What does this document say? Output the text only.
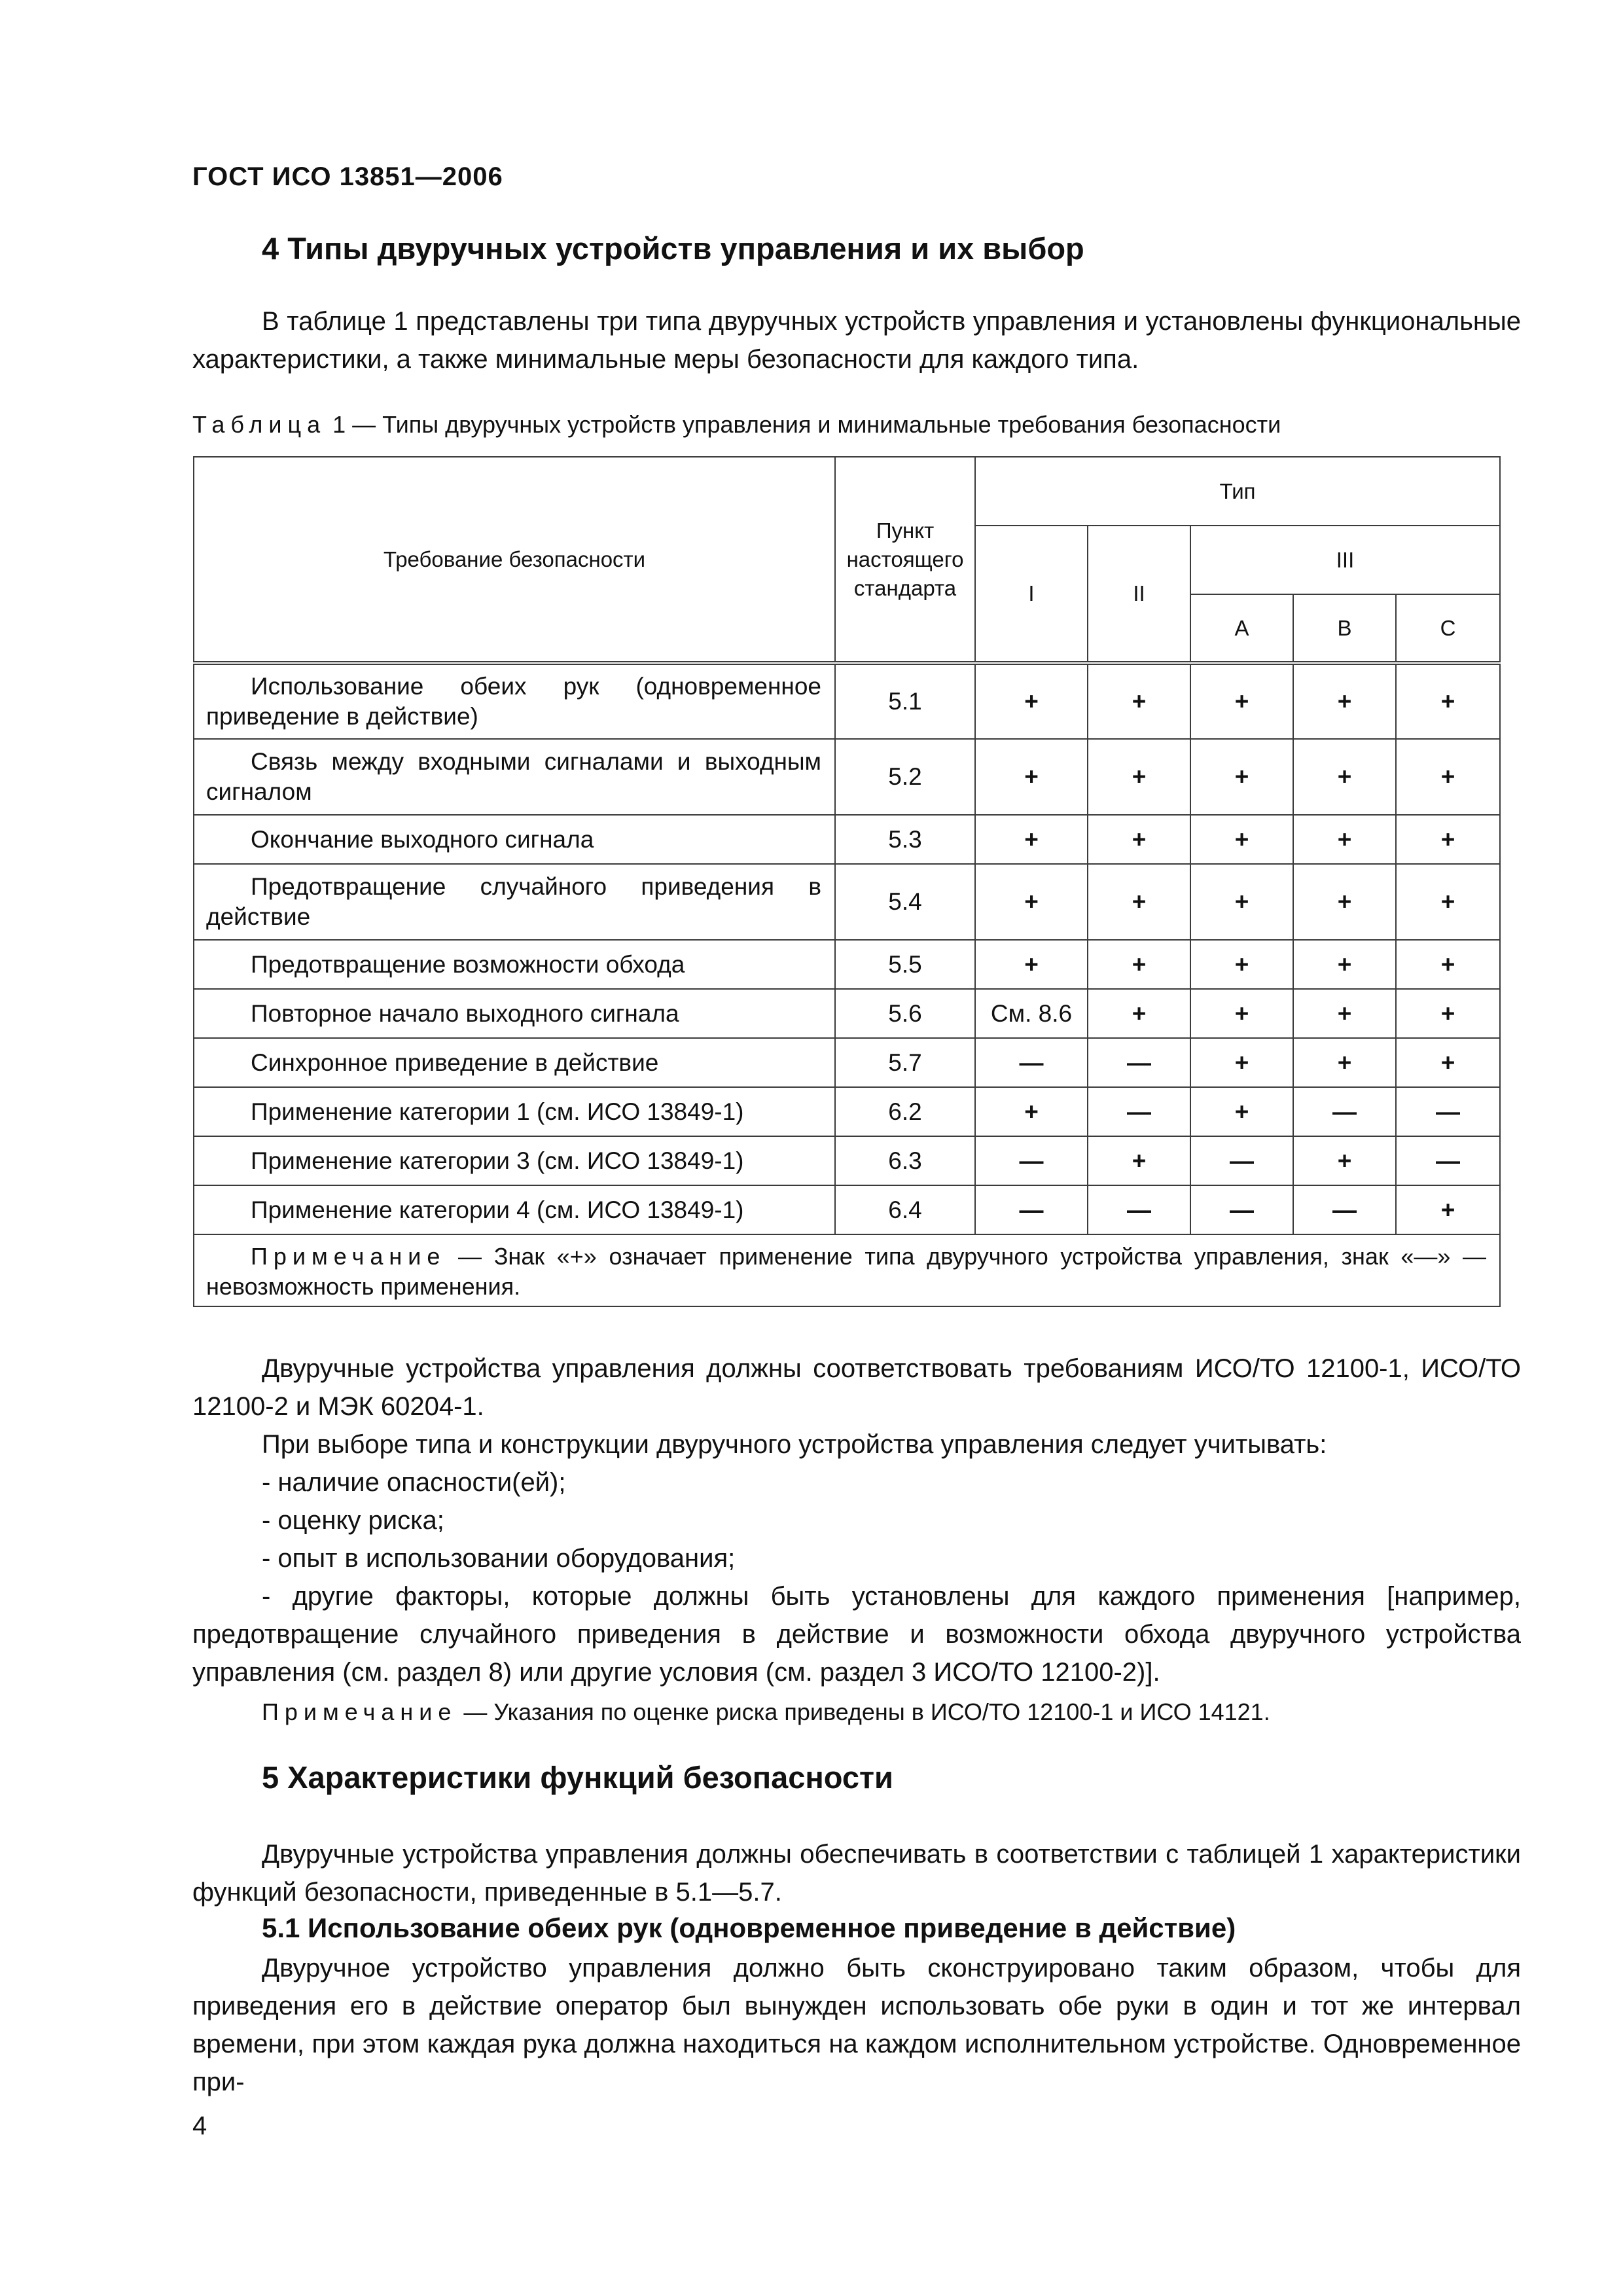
ГОСТ ИСО 13851—2006
4 Типы двуручных устройств управления и их выбор
В таблице 1 представлены три типа двуручных устройств управления и установлены функциональные характеристики, а также минимальные меры безопасности для каждого типа.
Таблица 1 — Типы двуручных устройств управления и минимальные требования безопасности
Требование безопасности	Пункт настоящего стандарта	Тип				
		I	II	III		
				A	B	C
Использование обеих рук (одновременное приведение в действие)	5.1	+	+	+	+	+
Связь между входными сигналами и выходным сигналом	5.2	+	+	+	+	+
Окончание выходного сигнала	5.3	+	+	+	+	+
Предотвращение случайного приведения в действие	5.4	+	+	+	+	+
Предотвращение возможности обхода	5.5	+	+	+	+	+
Повторное начало выходного сигнала	5.6	См. 8.6	+	+	+	+
Синхронное приведение в действие	5.7	—	—	+	+	+
Применение категории 1 (см. ИСО 13849-1)	6.2	+	—	+	—	—
Применение категории 3 (см. ИСО 13849-1)	6.3	—	+	—	+	—
Применение категории 4 (см. ИСО 13849-1)	6.4	—	—	—	—	+
Примечание — Знак «+» означает применение типа двуручного устройства управления, знак «—» — невозможность применения.						
Двуручные устройства управления должны соответствовать требованиям ИСО/ТО 12100-1, ИСО/ТО 12100-2 и МЭК 60204-1.
При выборе типа и конструкции двуручного устройства управления следует учитывать:
- наличие опасности(ей);
- оценку риска;
- опыт в использовании оборудования;
- другие факторы, которые должны быть установлены для каждого применения [например, предотвращение случайного приведения в действие и возможности обхода двуручного устройства управления (см. раздел 8) или другие условия (см. раздел 3 ИСО/ТО 12100-2)].
Примечание — Указания по оценке риска приведены в ИСО/ТО 12100-1 и ИСО 14121.
5 Характеристики функций безопасности
Двуручные устройства управления должны обеспечивать в соответствии с таблицей 1 характеристики функций безопасности, приведенные в 5.1—5.7.
5.1 Использование обеих рук (одновременное приведение в действие)
Двуручное устройство управления должно быть сконструировано таким образом, чтобы для приведения его в действие оператор был вынужден использовать обе руки в один и тот же интервал времени, при этом каждая рука должна находиться на каждом исполнительном устройстве. Одновременное при-
4
